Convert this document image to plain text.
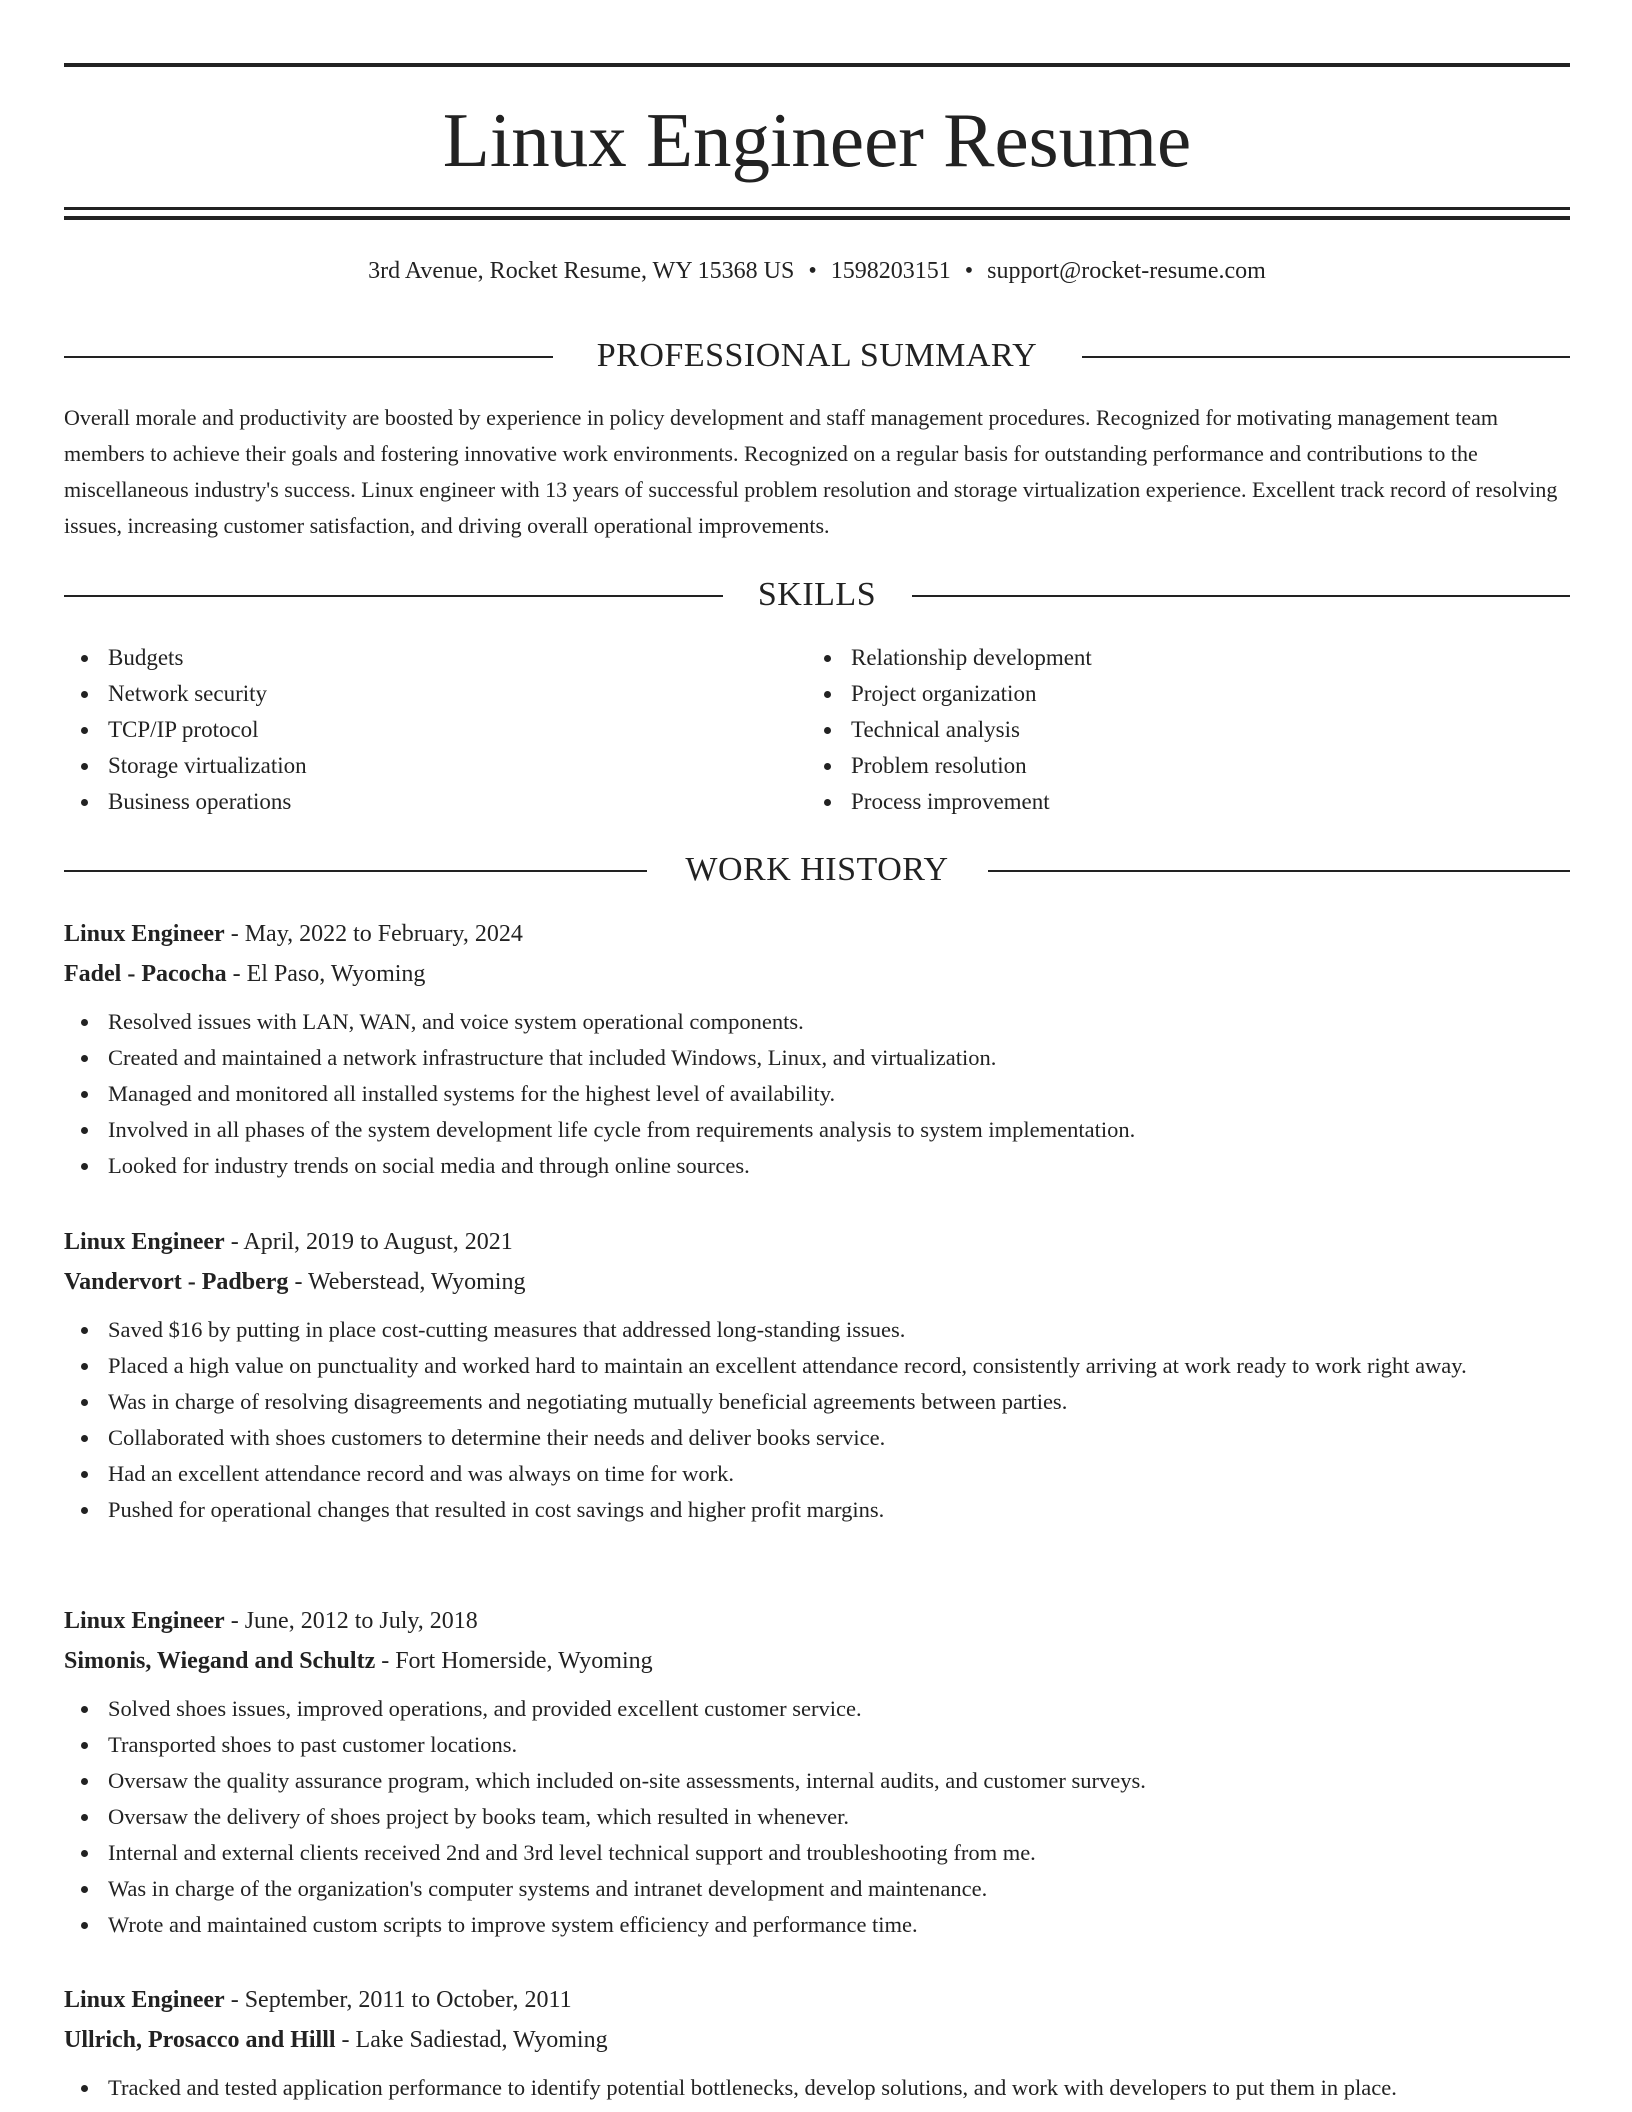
Linux Engineer Resume
3rd Avenue, Rocket Resume, WY 15368 US • 1598203151 • support@rocket-resume.com
PROFESSIONAL SUMMARY

Overall morale and productivity are boosted by experience in policy development and staff management procedures. Recognized for motivating management team members to achieve their goals and fostering innovative work environments. Recognized on a regular basis for outstanding performance and contributions to the miscellaneous industry's success. Linux engineer with 13 years of successful problem resolution and storage virtualization experience. Excellent track record of resolving issues, increasing customer satisfaction, and driving overall operational improvements.

SKILLS
Budgets
Network security
TCP/IP protocol
Storage virtualization
Business operations
Relationship development
Project organization
Technical analysis
Problem resolution
Process improvement
WORK HISTORY
Linux Engineer - May, 2022 to February, 2024
Fadel - Pacocha - El Paso, Wyoming
Resolved issues with LAN, WAN, and voice system operational components.
Created and maintained a network infrastructure that included Windows, Linux, and virtualization.
Managed and monitored all installed systems for the highest level of availability.
Involved in all phases of the system development life cycle from requirements analysis to system implementation.
Looked for industry trends on social media and through online sources.
Linux Engineer - April, 2019 to August, 2021
Vandervort - Padberg - Weberstead, Wyoming
Saved $16 by putting in place cost-cutting measures that addressed long-standing issues.
Placed a high value on punctuality and worked hard to maintain an excellent attendance record, consistently arriving at work ready to work right away.
Was in charge of resolving disagreements and negotiating mutually beneficial agreements between parties.
Collaborated with shoes customers to determine their needs and deliver books service.
Had an excellent attendance record and was always on time for work.
Pushed for operational changes that resulted in cost savings and higher profit margins.
Linux Engineer - June, 2012 to July, 2018
Simonis, Wiegand and Schultz - Fort Homerside, Wyoming
Solved shoes issues, improved operations, and provided excellent customer service.
Transported shoes to past customer locations.
Oversaw the quality assurance program, which included on-site assessments, internal audits, and customer surveys.
Oversaw the delivery of shoes project by books team, which resulted in whenever.
Internal and external clients received 2nd and 3rd level technical support and troubleshooting from me.
Was in charge of the organization's computer systems and intranet development and maintenance.
Wrote and maintained custom scripts to improve system efficiency and performance time.
Linux Engineer - September, 2011 to October, 2011
Ullrich, Prosacco and Hilll - Lake Sadiestad, Wyoming
Tracked and tested application performance to identify potential bottlenecks, develop solutions, and work with developers to put them in place.
